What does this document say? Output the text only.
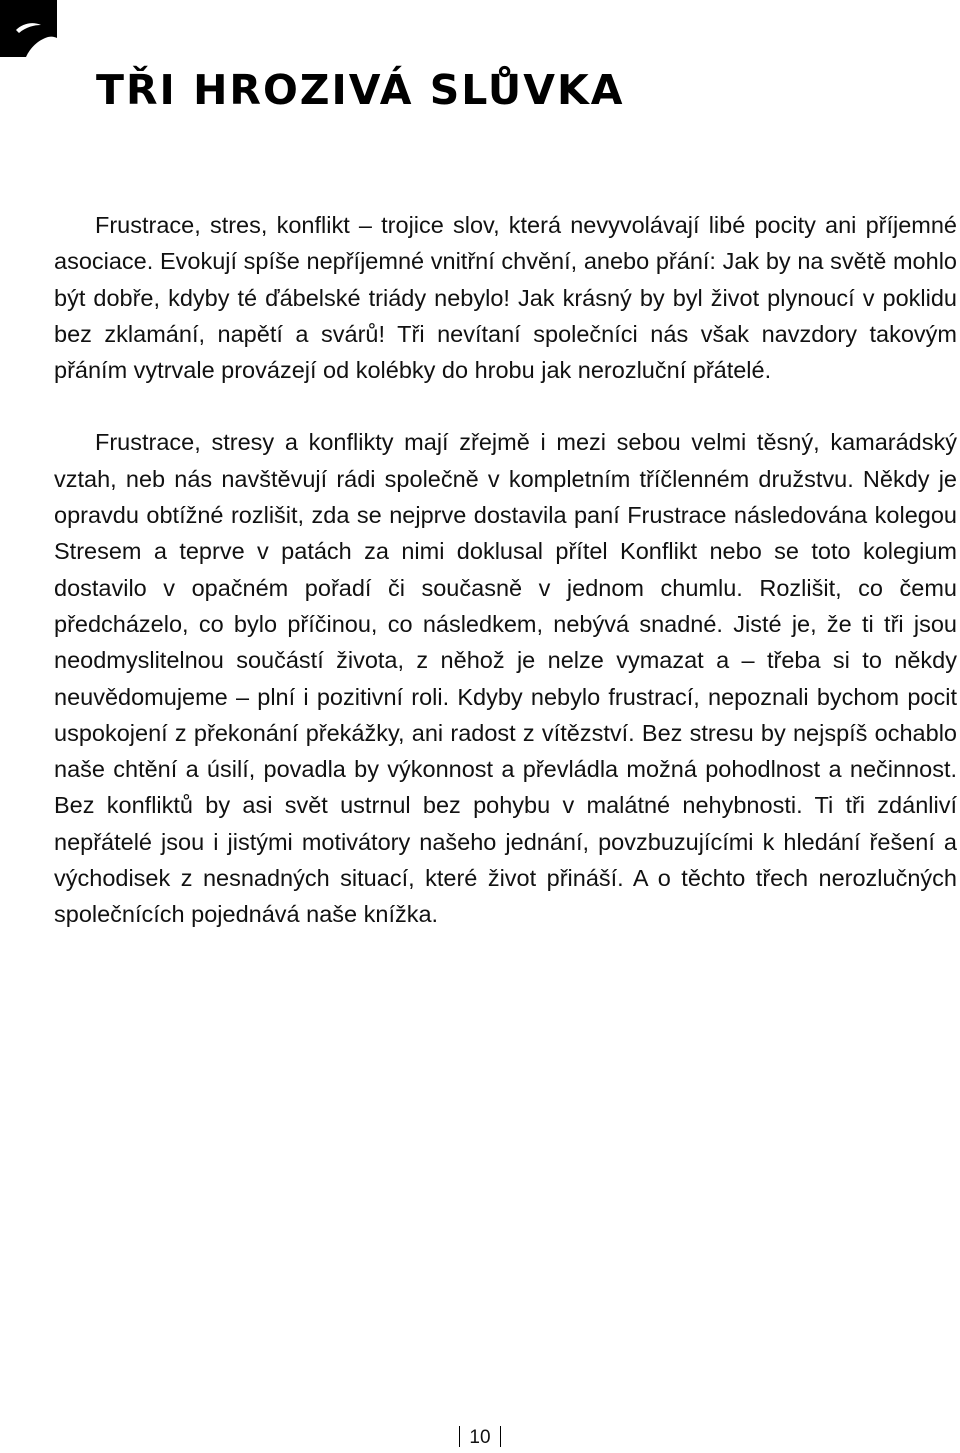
TŘI HROZIVÁ SLŮVKA

Frustrace, stres, konflikt – trojice slov, která nevyvolávají libé pocity ani příjemné asociace. Evokují spíše nepříjemné vnitřní chvění, anebo přání: Jak by na světě mohlo být dobře, kdyby té ďábelské triády nebylo! Jak krásný by byl život plynoucí v poklidu bez zklamání, napětí a svárů! Tři nevítaní společníci nás však navzdory takovým přáním vytrvale provázejí od kolébky do hrobu jak nerozluční přátelé.

Frustrace, stresy a konflikty mají zřejmě i mezi sebou velmi těsný, kamarádský vztah, neb nás navštěvují rádi společně v kompletním tříčlenném družstvu. Někdy je opravdu obtížné rozlišit, zda se nejprve dostavila paní Frustrace následována kolegou Stresem a teprve v patách za nimi doklusal přítel Konflikt nebo se toto kolegium dostavilo v opačném pořadí či současně v jednom chumlu. Rozlišit, co čemu předcházelo, co bylo příčinou, co následkem, nebývá snadné. Jisté je, že ti tři jsou neodmyslitelnou součástí života, z něhož je nelze vymazat a – třeba si to někdy neuvědomujeme – plní i pozitivní roli. Kdyby nebylo frustrací, nepoznali bychom pocit uspokojení z překonání překážky, ani radost z vítězství. Bez stresu by nejspíš ochablo naše chtění a úsilí, povadla by výkonnost a převládla možná pohodlnost a nečinnost. Bez konfliktů by asi svět ustrnul bez pohybu v malátné nehybnosti. Ti tři zdánliví nepřátelé jsou i jistými motivátory našeho jednání, povzbuzujícími k hledání řešení a východisek z nesnadných situací, které život přináší. A o těchto třech nerozlučných společnících pojednává naše knížka.

10
